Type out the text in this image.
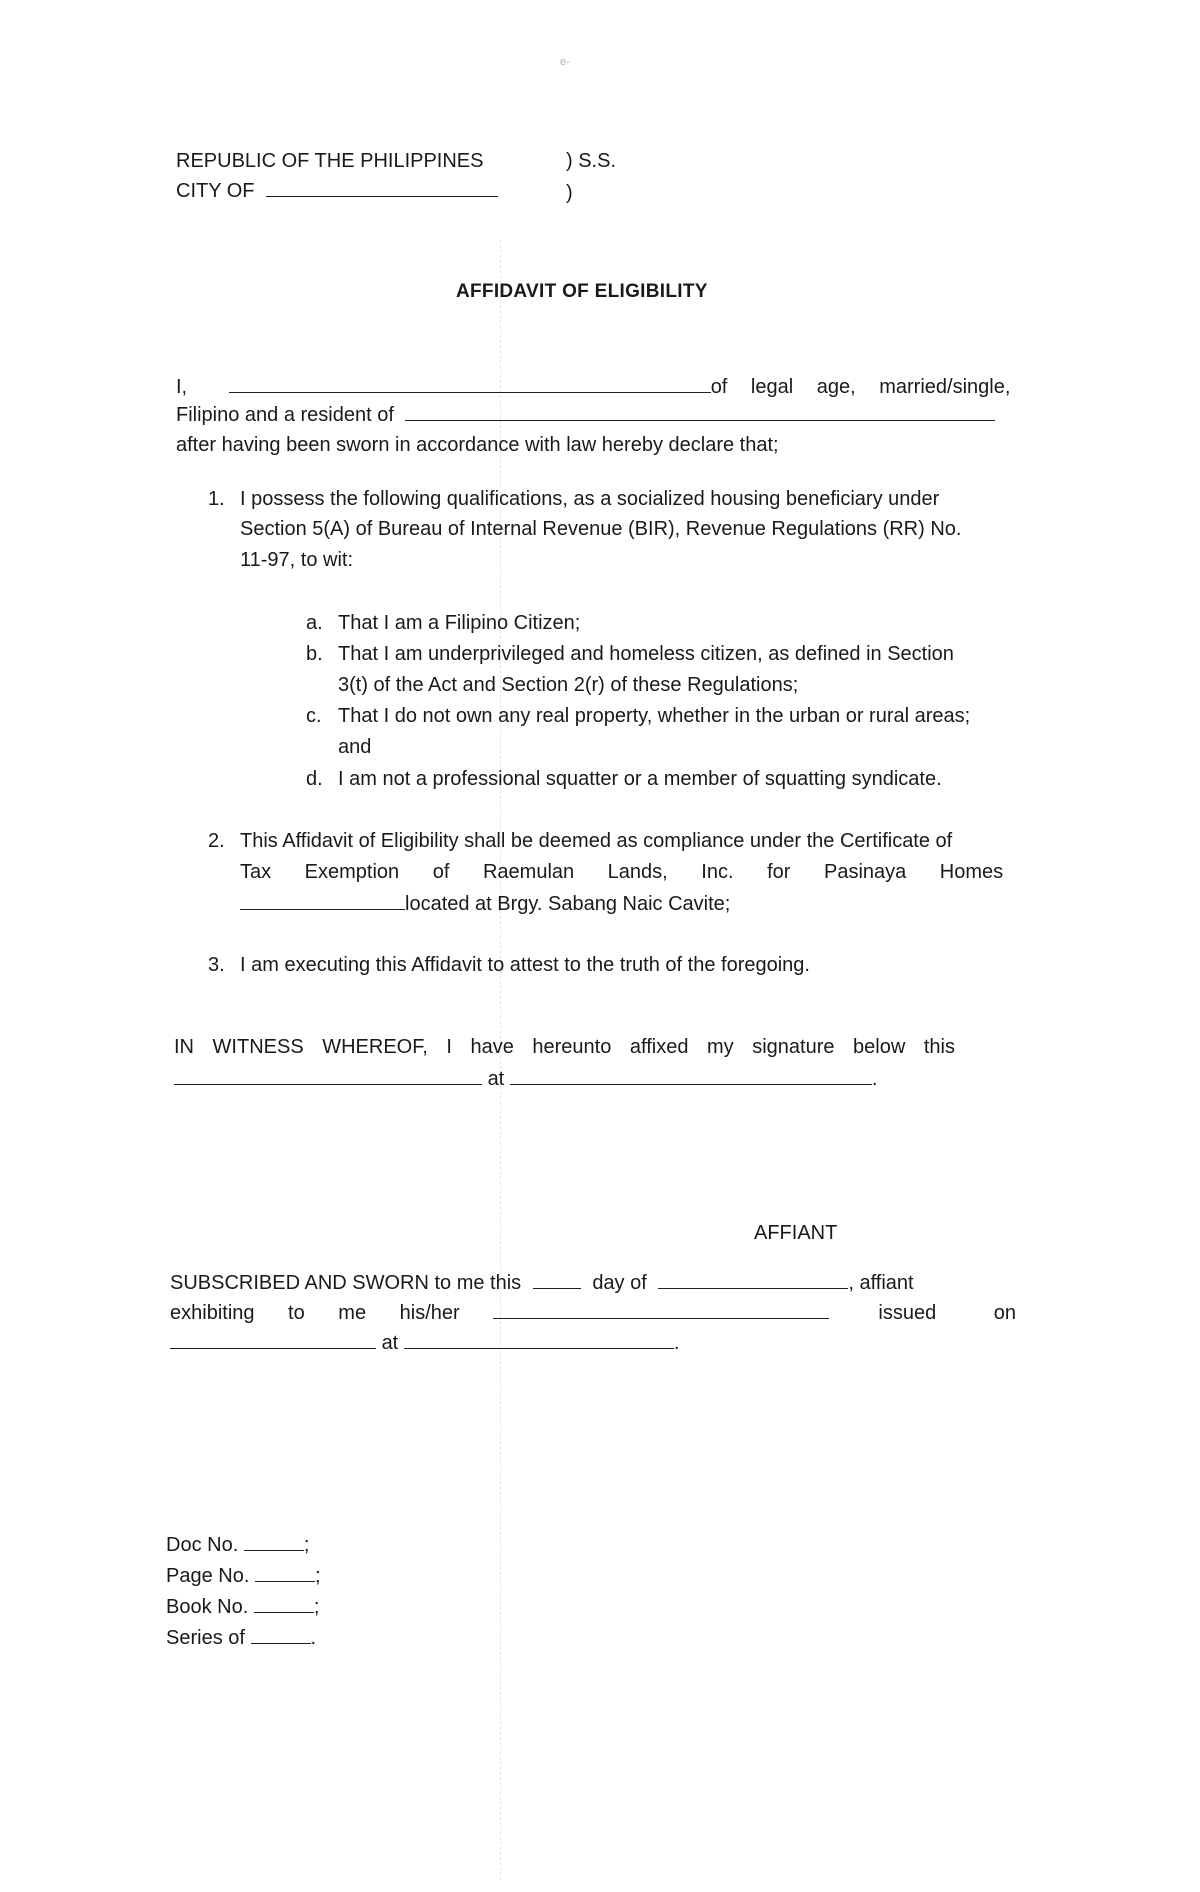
e-
REPUBLIC OF THE PHILIPPINES	) S.S.
CITY OF	)
AFFIDAVIT OF ELIGIBILITY
I,	of legal age, married/single,
Filipino and a resident of
after having been sworn in accordance with law hereby declare that;
1. I possess the following qualifications, as a socialized housing beneficiary under
Section 5(A) of Bureau of Internal Revenue (BIR), Revenue Regulations (RR) No.
11-97, to wit:
a. That I am a Filipino Citizen;
b. That I am underprivileged and homeless citizen, as defined in Section
3(t) of the Act and Section 2(r) of these Regulations;
c. That I do not own any real property, whether in the urban or rural areas;
and
d. I am not a professional squatter or a member of squatting syndicate.
2. This Affidavit of Eligibility shall be deemed as compliance under the Certificate of
Tax Exemption of Raemulan Lands, Inc. for Pasinaya Homes
located at Brgy. Sabang Naic Cavite;
3. I am executing this Affidavit to attest to the truth of the foregoing.
IN WITNESS WHEREOF, I have hereunto affixed my signature below this
at	.
AFFIANT
SUBSCRIBED AND SWORN to me this	day of	, affiant
exhibiting to me his/her	issued on
at	.
Doc No.	;
Page No.	;
Book No.	;
Series of	.
